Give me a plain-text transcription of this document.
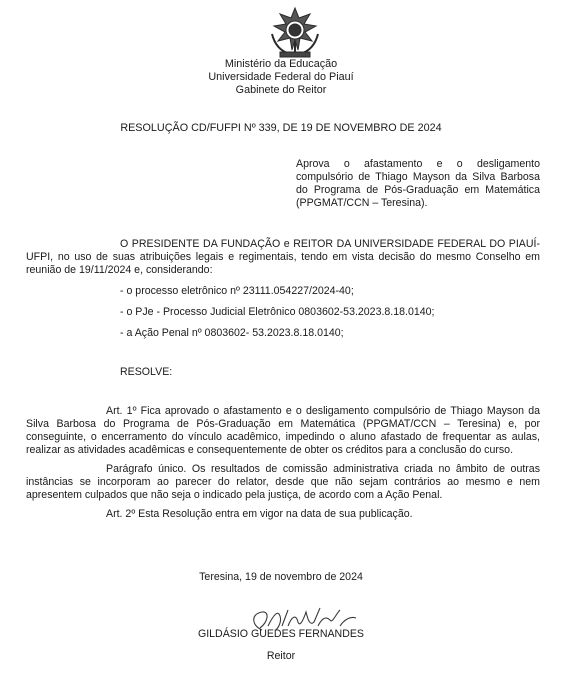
Ministério da Educação
Universidade Federal do Piauí
Gabinete do Reitor
RESOLUÇÃO CD/FUFPI Nº 339, DE 19 DE NOVEMBRO DE 2024
Aprova o afastamento e o desligamento compulsório de Thiago Mayson da Silva Barbosa do Programa de Pós-Graduação em Matemática (PPGMAT/CCN – Teresina).
O PRESIDENTE DA FUNDAÇÃO e REITOR DA UNIVERSIDADE FEDERAL DO PIAUÍ-UFPI, no uso de suas atribuições legais e regimentais, tendo em vista decisão do mesmo Conselho em reunião de 19/11/2024 e, considerando:
- o processo eletrônico nº 23111.054227/2024-40;
- o PJe - Processo Judicial Eletrônico 0803602-53.2023.8.18.0140;
- a Ação Penal nº 0803602- 53.2023.8.18.0140;
RESOLVE:
Art. 1º Fica aprovado o afastamento e o desligamento compulsório de Thiago Mayson da Silva Barbosa do Programa de Pós-Graduação em Matemática (PPGMAT/CCN – Teresina) e, por conseguinte, o encerramento do vínculo acadêmico, impedindo o aluno afastado de frequentar as aulas, realizar as atividades acadêmicas e consequentemente de obter os créditos para a conclusão do curso.
Parágrafo único. Os resultados de comissão administrativa criada no âmbito de outras instâncias se incorporam ao parecer do relator, desde que não sejam contrários ao mesmo e nem apresentem culpados que não seja o indicado pela justiça, de acordo com a Ação Penal.
Art. 2º Esta Resolução entra em vigor na data de sua publicação.
Teresina, 19 de novembro de 2024
GILDÁSIO GUEDES FERNANDES
Reitor
